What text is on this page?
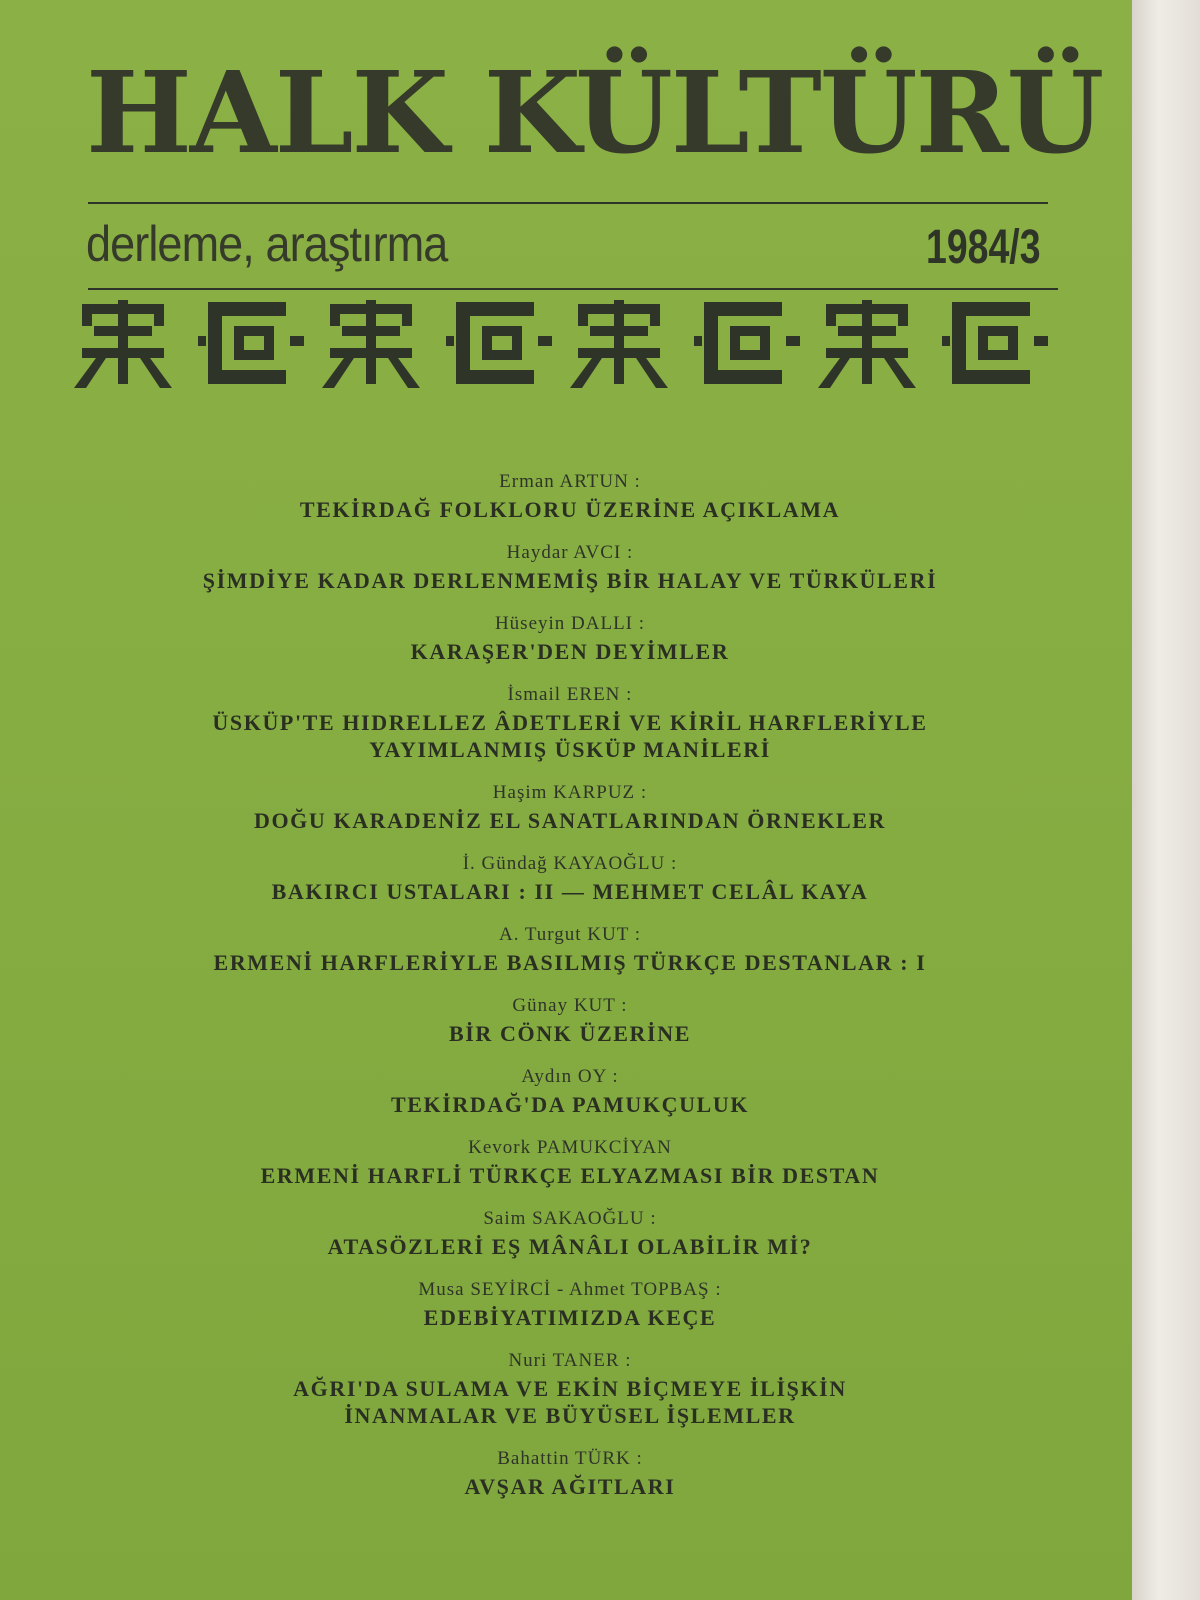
HALK KÜLTÜRÜ
derleme, araştırma	1984/3
Erman ARTUN :
TEKİRDAĞ FOLKLORU ÜZERİNE AÇIKLAMA
Haydar AVCI :
ŞİMDİYE KADAR DERLENMEMİŞ BİR HALAY VE TÜRKÜLERİ
Hüseyin DALLI :
KARAŞER'DEN DEYİMLER
İsmail EREN :
ÜSKÜP'TE HIDRELLEZ ÂDETLERİ VE KİRİL HARFLERİYLE
YAYIMLANMIŞ ÜSKÜP MANİLERİ
Haşim KARPUZ :
DOĞU KARADENİZ EL SANATLARINDAN ÖRNEKLER
İ. Gündağ KAYAOĞLU :
BAKIRCI USTALARI : II — MEHMET CELÂL KAYA
A. Turgut KUT :
ERMENİ HARFLERİYLE BASILMIŞ TÜRKÇE DESTANLAR : I
Günay KUT :
BİR CÖNK ÜZERİNE
Aydın OY :
TEKİRDAĞ'DA PAMUKÇULUK
Kevork PAMUKCİYAN
ERMENİ HARFLİ TÜRKÇE ELYAZMASI BİR DESTAN
Saim SAKAOĞLU :
ATASÖZLERİ EŞ MÂNÂLI OLABİLİR Mİ?
Musa SEYİRCİ - Ahmet TOPBAŞ :
EDEBİYATIMIZDA KEÇE
Nuri TANER :
AĞRI'DA SULAMA VE EKİN BİÇMEYE İLİŞKİN
İNANMALAR VE BÜYÜSEL İŞLEMLER
Bahattin TÜRK :
AVŞAR AĞITLARI
